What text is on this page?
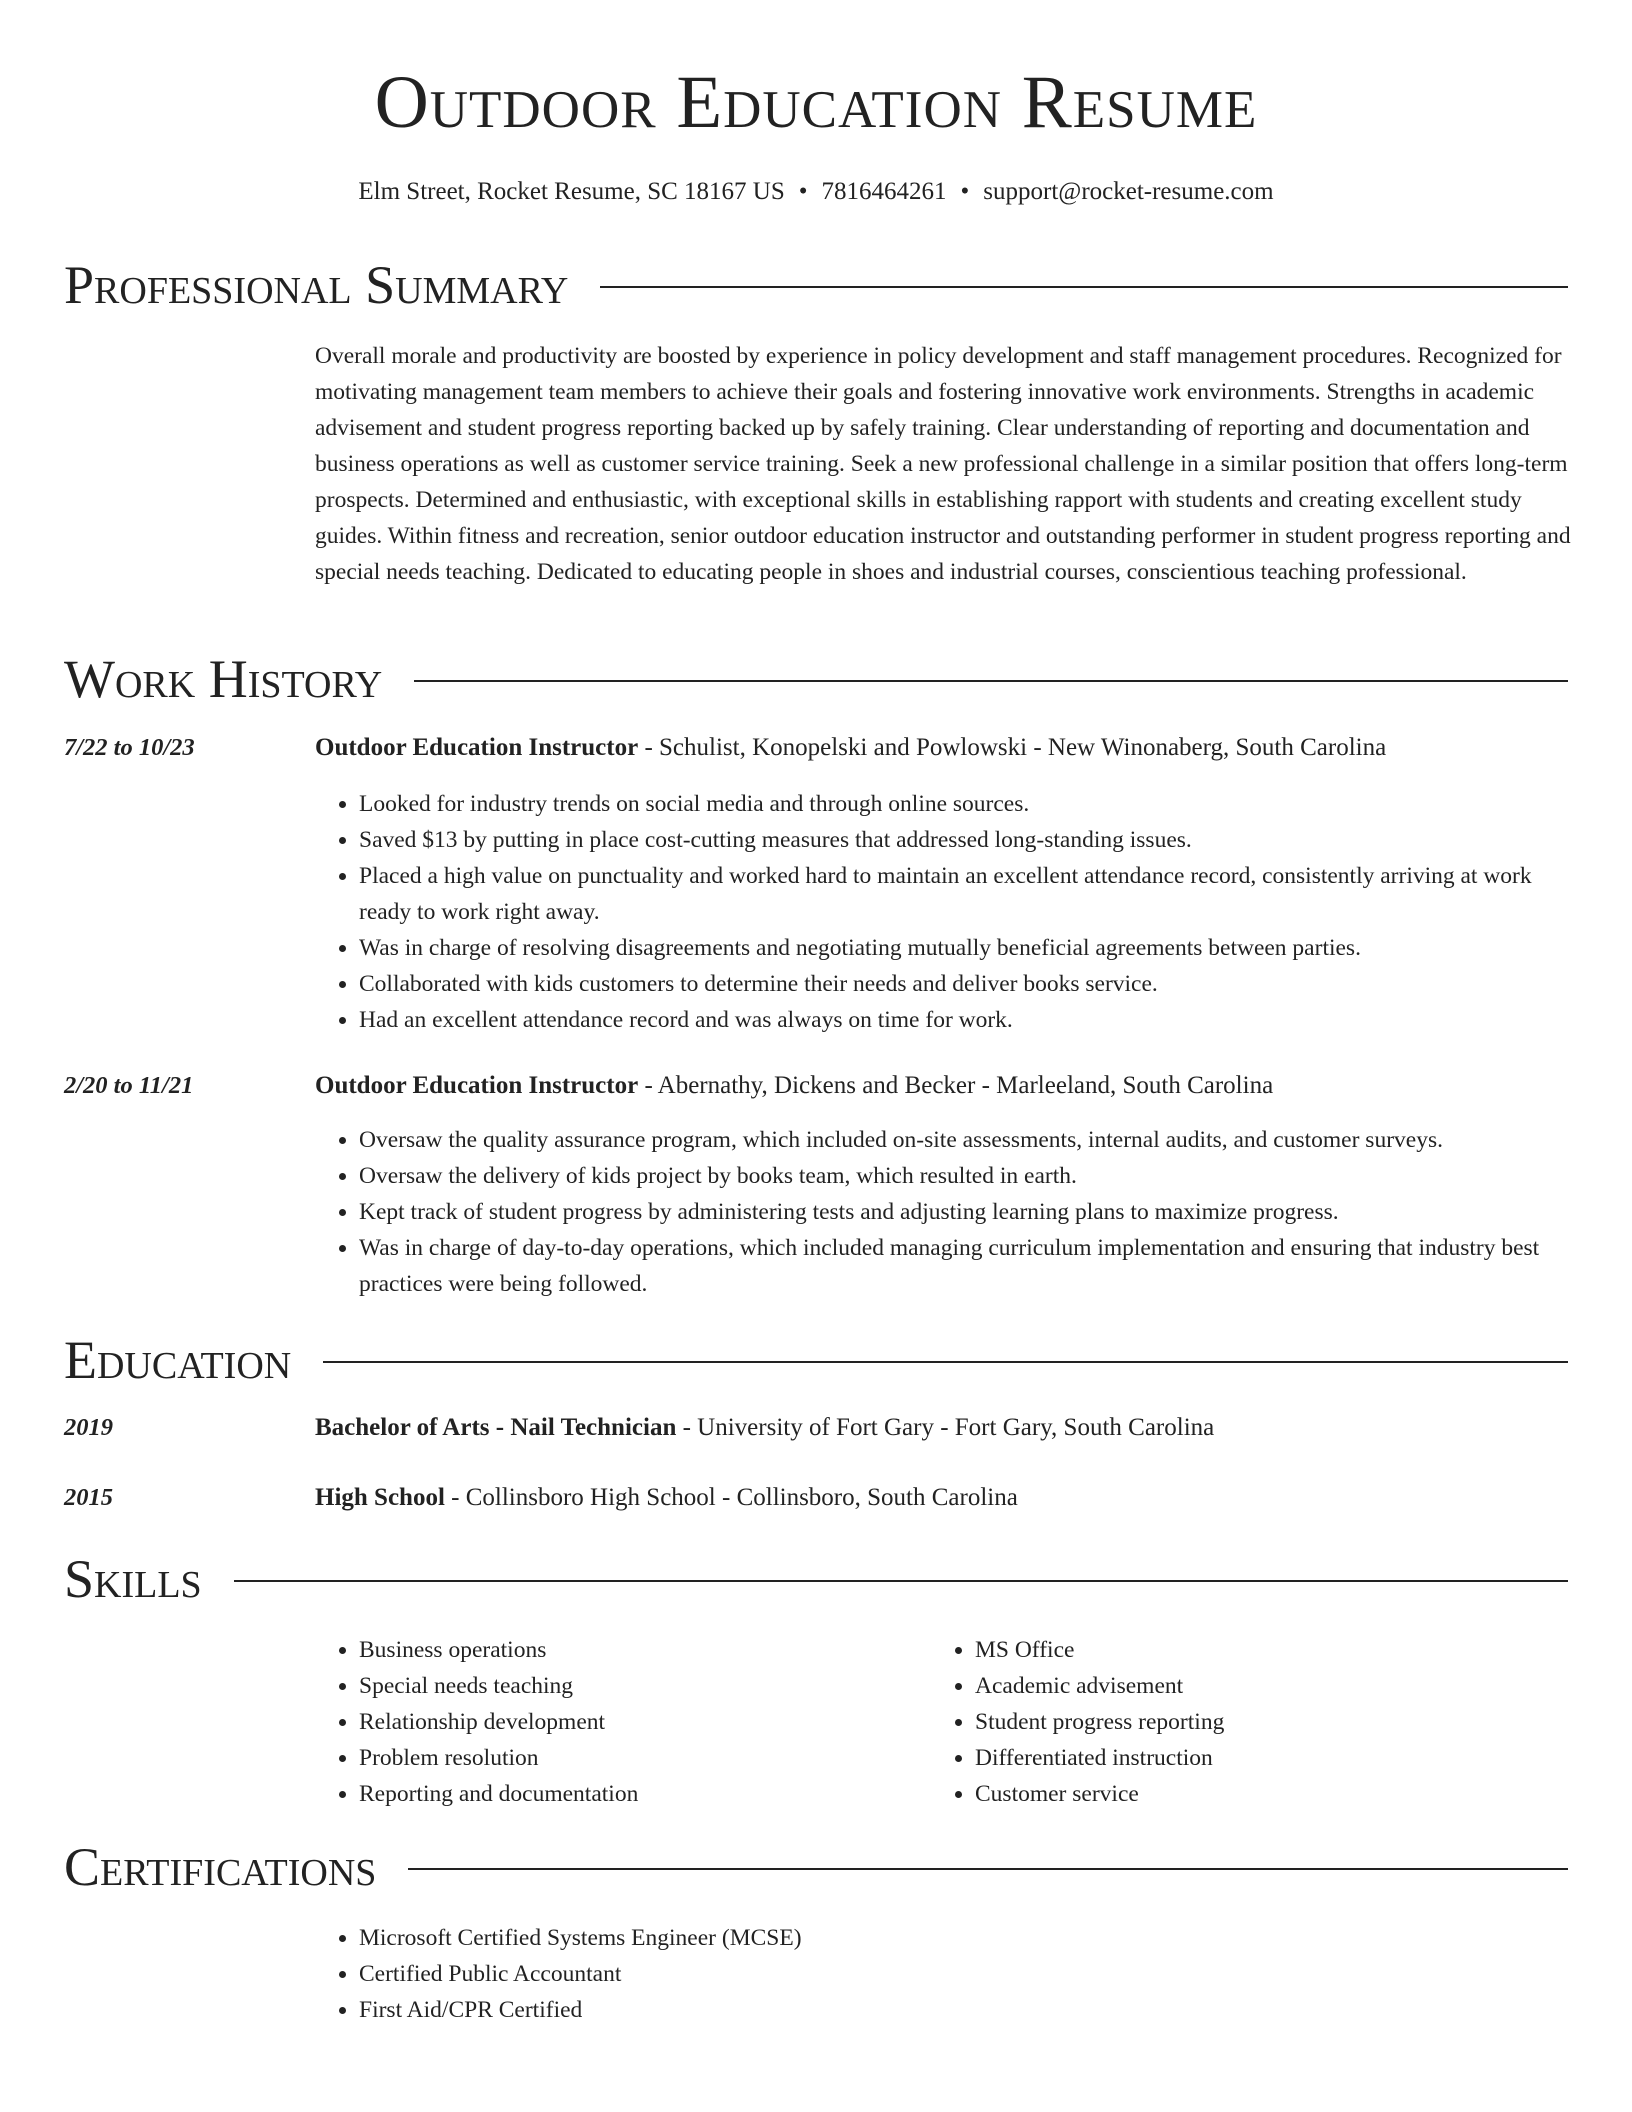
Outdoor Education Resume
Elm Street, Rocket Resume, SC 18167 US • 7816464261 • support@rocket-resume.com
Professional Summary

Overall morale and productivity are boosted by experience in policy development and staff management procedures. Recognized for motivating management team members to achieve their goals and fostering innovative work environments. Strengths in academic advisement and student progress reporting backed up by safely training. Clear understanding of reporting and documentation and business operations as well as customer service training. Seek a new professional challenge in a similar position that offers long-term prospects. Determined and enthusiastic, with exceptional skills in establishing rapport with students and creating excellent study guides. Within fitness and recreation, senior outdoor education instructor and outstanding performer in student progress reporting and special needs teaching. Dedicated to educating people in shoes and industrial courses, conscientious teaching professional.

Work History
7/22 to 10/23	Outdoor Education Instructor - Schulist, Konopelski and Powlowski - New Winonaberg, South Carolina
• Looked for industry trends on social media and through online sources.
• Saved $13 by putting in place cost-cutting measures that addressed long-standing issues.
• Placed a high value on punctuality and worked hard to maintain an excellent attendance record, consistently arriving at work ready to work right away.
• Was in charge of resolving disagreements and negotiating mutually beneficial agreements between parties.
• Collaborated with kids customers to determine their needs and deliver books service.
• Had an excellent attendance record and was always on time for work.
2/20 to 11/21	Outdoor Education Instructor - Abernathy, Dickens and Becker - Marleeland, South Carolina
• Oversaw the quality assurance program, which included on-site assessments, internal audits, and customer surveys.
• Oversaw the delivery of kids project by books team, which resulted in earth.
• Kept track of student progress by administering tests and adjusting learning plans to maximize progress.
• Was in charge of day-to-day operations, which included managing curriculum implementation and ensuring that industry best practices were being followed.
Education
2019	Bachelor of Arts - Nail Technician - University of Fort Gary - Fort Gary, South Carolina
2015	High School - Collinsboro High School - Collinsboro, South Carolina
Skills
• Business operations
• Special needs teaching
• Relationship development
• Problem resolution
• Reporting and documentation
• MS Office
• Academic advisement
• Student progress reporting
• Differentiated instruction
• Customer service
Certifications
• Microsoft Certified Systems Engineer (MCSE)
• Certified Public Accountant
• First Aid/CPR Certified
